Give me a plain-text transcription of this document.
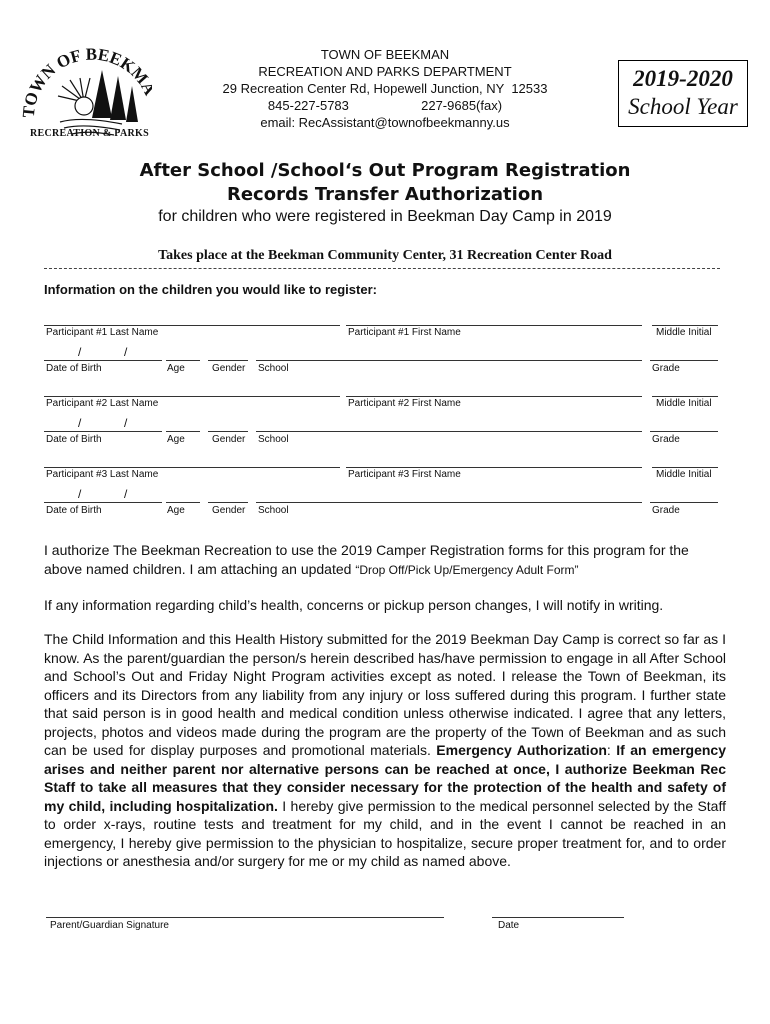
OWN OF BEEKM
RECREATION & PARKS
TOWN OF BEEKMAN
RECREATION AND PARKS DEPARTMENT
29 Recreation Center Rd, Hopewell Junction, NY  12533
845-227-5783                    227-9685(fax)
email: RecAssistant@townofbeekmanny.us
2019-2020
School Year
After School /School‘s Out Program Registration
Records Transfer Authorization
for children who were registered in Beekman Day Camp in 2019
Takes place at the Beekman Community Center, 31 Recreation Center Road
Information on the children you would like to register:
Participant #1 Last Name	Participant #1 First Name	Middle Initial
/	/
Date of Birth	Age	Gender School	Grade
Participant #2 Last Name	Participant #2 First Name	Middle Initial
/	/
Date of Birth	Age	Gender School	Grade
Participant #3 Last Name	Participant #3 First Name	Middle Initial
/	/
Date of Birth	Age	Gender School	Grade
I authorize The Beekman Recreation to use the 2019 Camper Registration forms for this program for the above named children. I am attaching an updated “Drop Off/Pick Up/Emergency Adult Form”
If any information regarding child’s health, concerns or pickup person changes, I will notify in writing.
The Child Information and this Health History submitted for the 2019 Beekman Day Camp is correct so far as I know. As the parent/guardian the person/s herein described has/have permission to engage in all After School and School’s Out and Friday Night Program activities except as noted. I release the Town of Beekman, its officers and its Directors from any liability from any injury or loss suffered during this program. I further state that said person is in good health and medical condition unless otherwise indicated. I agree that any letters, projects, photos and videos made during the program are the property of the Town of Beekman and as such can be used for display purposes and promotional materials. Emergency Authorization: If an emergency arises and neither parent nor alternative persons can be reached at once, I authorize Beekman Rec Staff to take all measures that they consider necessary for the protection of the health and safety of my child, including hospitalization. I hereby give permission to the medical personnel selected by the Staff to order x-rays, routine tests and treatment for my child, and in the event I cannot be reached in an emergency, I hereby give permission to the physician to hospitalize, secure proper treatment for, and to order injections or anesthesia and/or surgery for me or my child as named above.
Parent/Guardian Signature	Date
